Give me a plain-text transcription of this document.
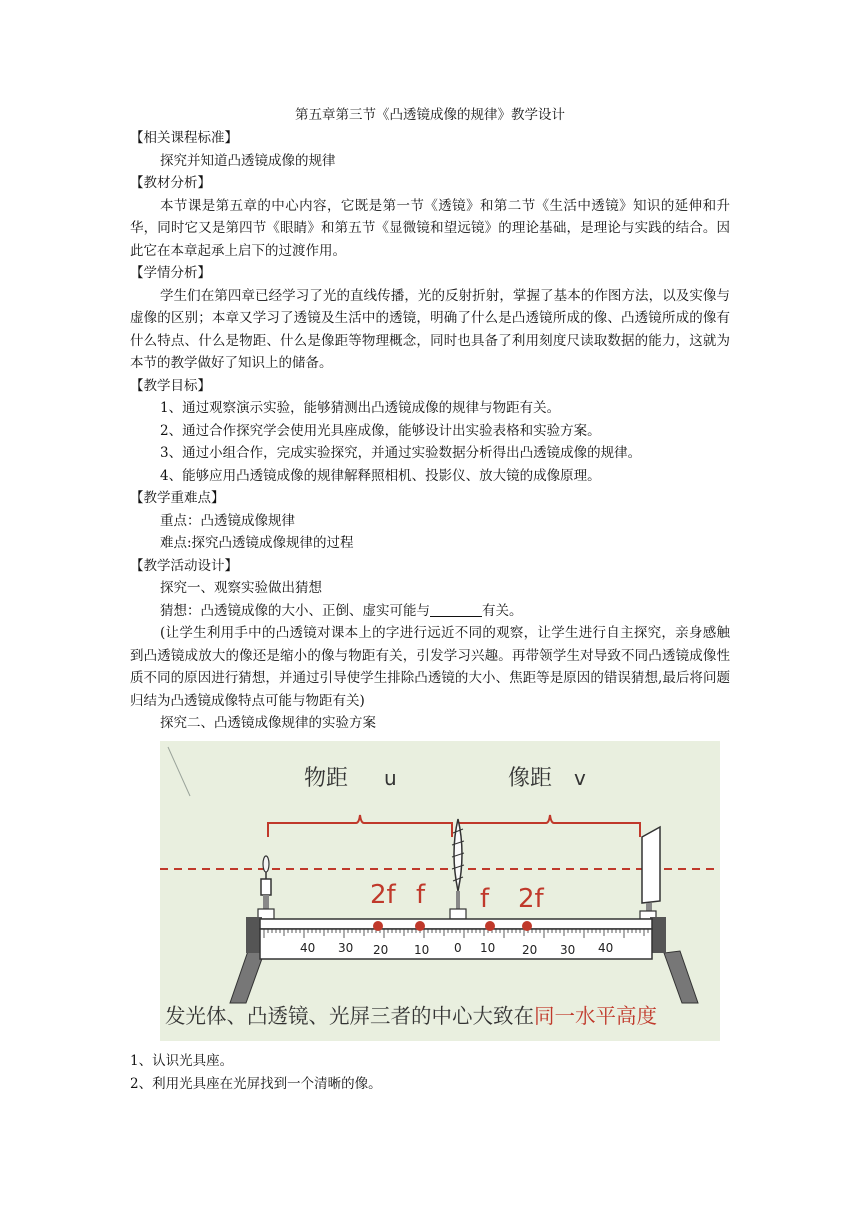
第五章第三节《凸透镜成像的规律》教学设计

【相关课程标准】

探究并知道凸透镜成像的规律

【教材分析】

本节课是第五章的中心内容，它既是第一节《透镜》和第二节《生活中透镜》知识的延伸和升华，同时它又是第四节《眼睛》和第五节《显微镜和望远镜》的理论基础，是理论与实践的结合。因此它在本章起承上启下的过渡作用。

【学情分析】

学生们在第四章已经学习了光的直线传播，光的反射折射，掌握了基本的作图方法，以及实像与虚像的区别；本章又学习了透镜及生活中的透镜，明确了什么是凸透镜所成的像、凸透镜所成的像有什么特点、什么是物距、什么是像距等物理概念，同时也具备了利用刻度尺读取数据的能力，这就为本节的教学做好了知识上的储备。

【教学目标】

1、通过观察演示实验，能够猜测出凸透镜成像的规律与物距有关。

2、通过合作探究学会使用光具座成像，能够设计出实验表格和实验方案。

3、通过小组合作，完成实验探究，并通过实验数据分析得出凸透镜成像的规律。

4、能够应用凸透镜成像的规律解释照相机、投影仪、放大镜的成像原理。

【教学重难点】

重点：凸透镜成像规律

难点:探究凸透镜成像规律的过程

【教学活动设计】

探究一、观察实验做出猜想

猜想：凸透镜成像的大小、正倒、虚实可能与	有关。

(让学生利用手中的凸透镜对课本上的字进行远近不同的观察，让学生进行自主探究，亲身感触到凸透镜成放大的像还是缩小的像与物距有关，引发学习兴趣。再带领学生对导致不同凸透镜成像性质不同的原因进行猜想，并通过引导使学生排除凸透镜的大小、焦距等是原因的错误猜想,最后将问题归结为凸透镜成像特点可能与物距有关)

探究二、凸透镜成像规律的实验方案

物距 u	像距 v
2f f f 2f
40 30 20 10 0 10 20 30 40
发光体、凸透镜、光屏三者的中心大致在同一水平高度
1、认识光具座。
2、利用光具座在光屏找到一个清晰的像。
